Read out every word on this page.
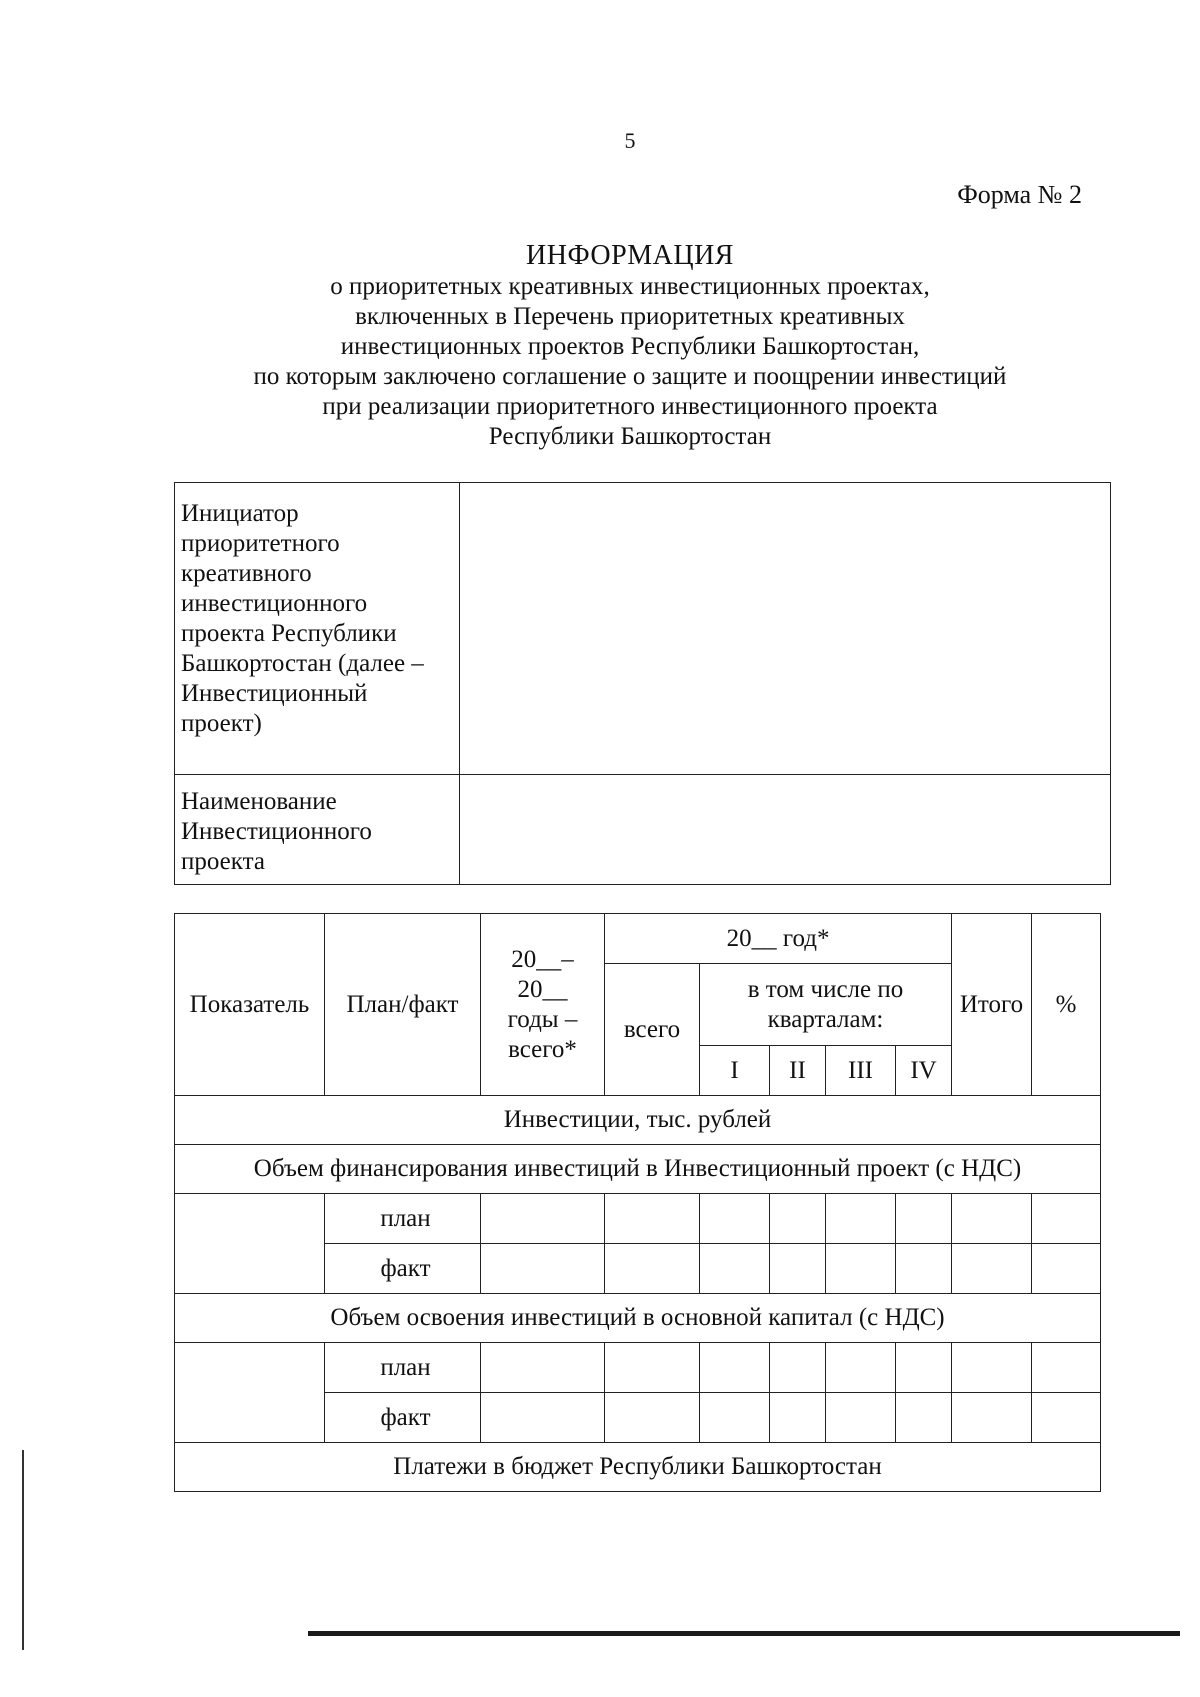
5
Форма № 2
ИНФОРМАЦИЯ
о приоритетных креативных инвестиционных проектах,
включенных в Перечень приоритетных креативных
инвестиционных проектов Республики Башкортостан,
по которым заключено соглашение о защите и поощрении инвестиций
при реализации приоритетного инвестиционного проекта
Республики Башкортостан
Инициатор приоритетного креативного инвестиционного проекта Республики Башкортостан (далее – Инвестиционный проект)	
Наименование Инвестиционного проекта	
Показатель	План/факт	20__– 20__ годы – всего*	20__ год*					Итого	%
			всего	в том числе по кварталам:					
				I	II	III	IV		
Инвестиции, тыс. рублей									
Объем финансирования инвестиций в Инвестиционный проект (с НДС)									
	план								
	факт								
Объем освоения инвестиций в основной капитал (с НДС)									
	план								
	факт								
Платежи в бюджет Республики Башкортостан									
